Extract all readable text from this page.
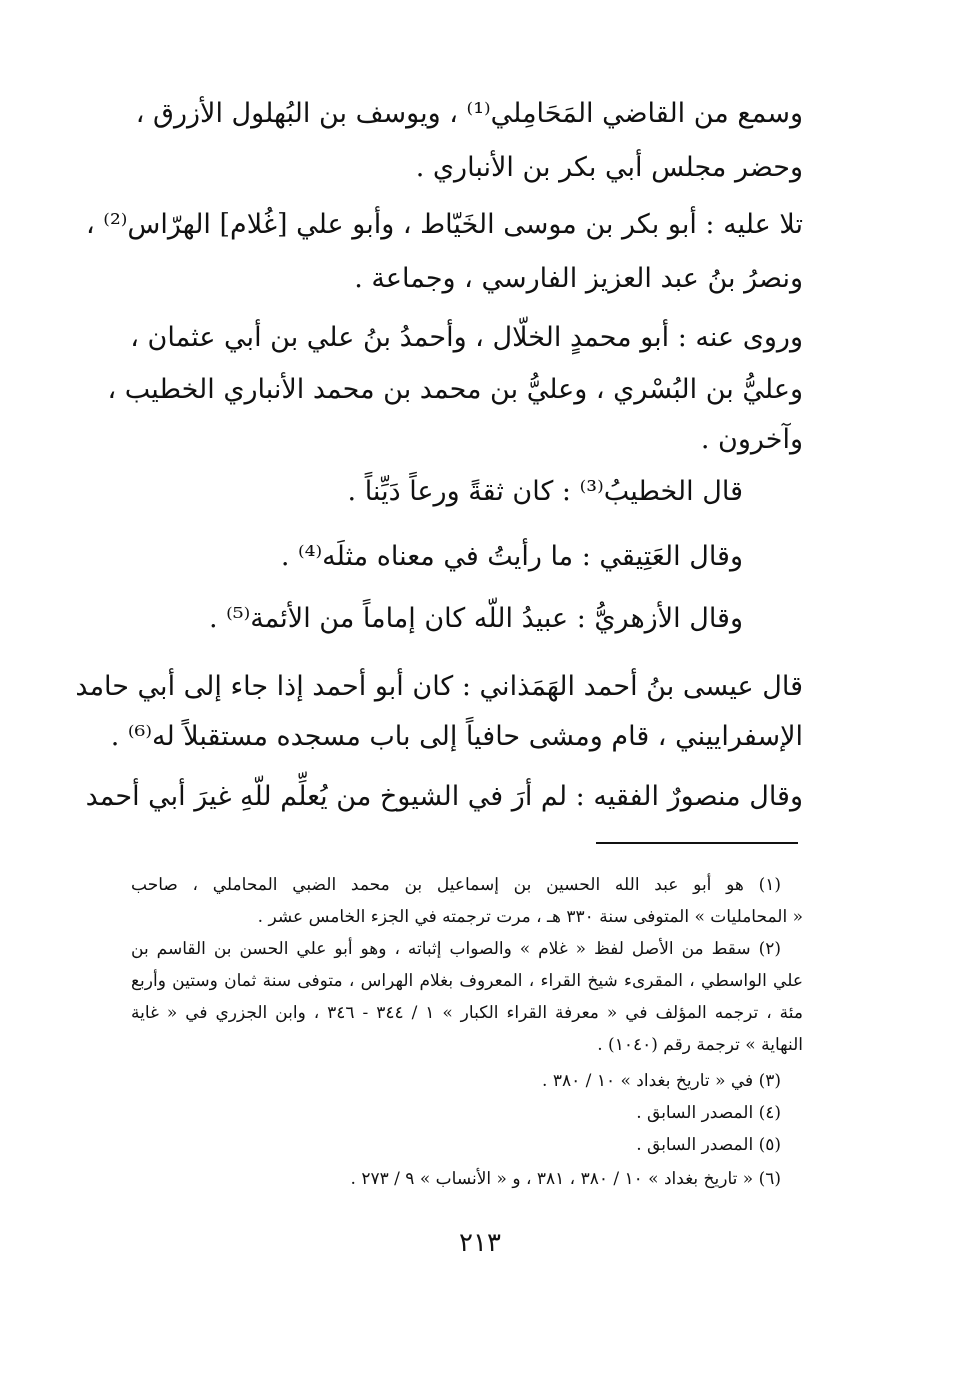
وسمع من القاضي المَحَامِلي⁽¹⁾ ، ويوسف بن البُهلول الأزرق ،
وحضر مجلس أبي بكر بن الأنباري .
تلا عليه : أبو بكر بن موسى الخَيّاط ، وأبو علي [غُلام] الهرّاس⁽²⁾ ،
ونصرُ بنُ عبد العزيز الفارسي ، وجماعة .
وروى عنه : أبو محمدٍ الخلّال ، وأحمدُ بنُ علي بن أبي عثمان ،
وعليُّ بن البُسْري ، وعليُّ بن محمد بن محمد الأنباري الخطيب ،
وآخرون .
قال الخطيبُ⁽³⁾ : كان ثقةً ورعاً دَيِّناً .
وقال العَتِيقي : ما رأيتُ في معناه مثلَه⁽⁴⁾ .
وقال الأزهريُّ : عبيدُ اللّه كان إماماً من الأئمة⁽⁵⁾ .
قال عيسى بنُ أحمد الهَمَذاني : كان أبو أحمد إذا جاء إلى أبي حامد
الإسفراييني ، قام ومشى حافياً إلى باب مسجده مستقبلاً له⁽⁶⁾ .
وقال منصورٌ الفقيه : لم أرَ في الشيوخ من يُعلِّم للّهِ غيرَ أبي أحمد
(١) هو أبو عبد الله الحسين بن إسماعيل بن محمد الضبي المحاملي ، صاحب
« المحامليات » المتوفى سنة ٣٣٠ هـ ، مرت ترجمته في الجزء الخامس عشر .
(٢) سقط من الأصل لفظ « غلام » والصواب إثباته ، وهو أبو علي الحسن بن القاسم بن
علي الواسطي ، المقرىء شيخ القراء ، المعروف بغلام الهراس ، متوفى سنة ثمان وستين وأربع
مئة ، ترجمه المؤلف في « معرفة القراء الكبار » ١ / ٣٤٤ - ٣٤٦ ، وابن الجزري في « غاية
النهاية » ترجمة رقم (١٠٤٠) .
(٣) في « تاريخ بغداد » ١٠ / ٣٨٠ .
(٤) المصدر السابق .
(٥) المصدر السابق .
(٦) « تاريخ بغداد » ١٠ / ٣٨٠ ، ٣٨١ ، و « الأنساب » ٩ / ٢٧٣ .
٢١٣
